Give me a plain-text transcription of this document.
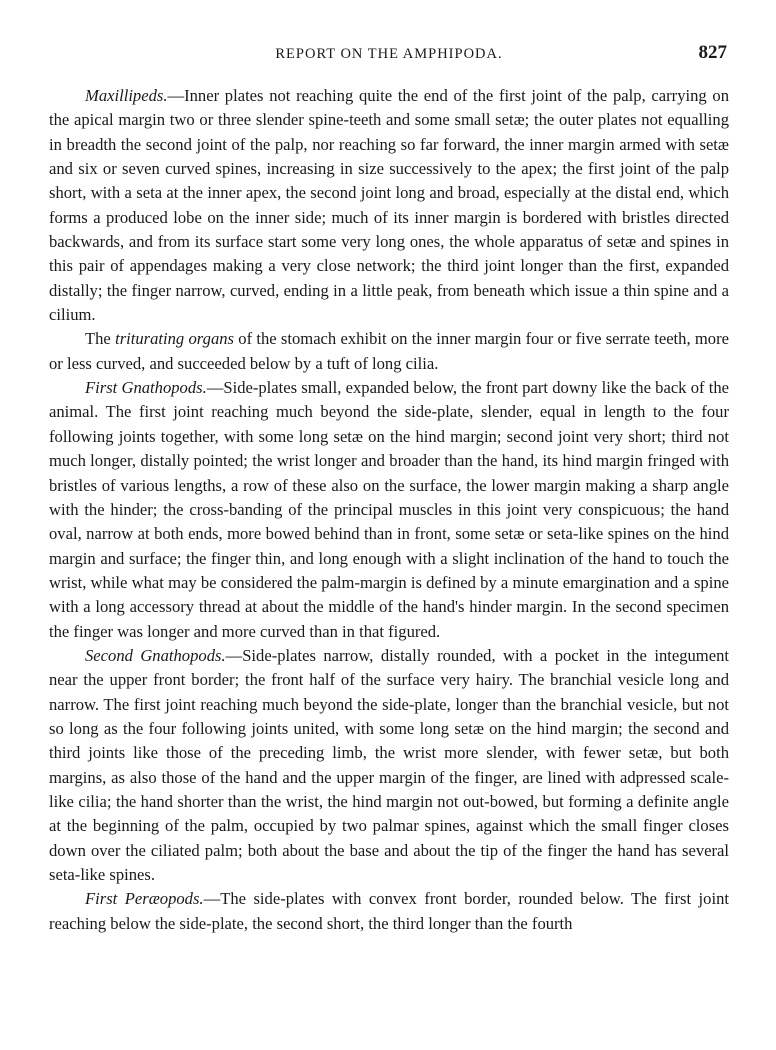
REPORT ON THE AMPHIPODA.	827

Maxillipeds.—Inner plates not reaching quite the end of the first joint of the palp, carrying on the apical margin two or three slender spine-teeth and some small setæ; the outer plates not equalling in breadth the second joint of the palp, nor reaching so far forward, the inner margin armed with setæ and six or seven curved spines, increasing in size successively to the apex; the first joint of the palp short, with a seta at the inner apex, the second joint long and broad, especially at the distal end, which forms a produced lobe on the inner side; much of its inner margin is bordered with bristles directed backwards, and from its surface start some very long ones, the whole apparatus of setæ and spines in this pair of appendages making a very close network; the third joint longer than the first, expanded distally; the finger narrow, curved, ending in a little peak, from beneath which issue a thin spine and a cilium.

The triturating organs of the stomach exhibit on the inner margin four or five serrate teeth, more or less curved, and succeeded below by a tuft of long cilia.

First Gnathopods.—Side-plates small, expanded below, the front part downy like the back of the animal. The first joint reaching much beyond the side-plate, slender, equal in length to the four following joints together, with some long setæ on the hind margin; second joint very short; third not much longer, distally pointed; the wrist longer and broader than the hand, its hind margin fringed with bristles of various lengths, a row of these also on the surface, the lower margin making a sharp angle with the hinder; the cross-banding of the principal muscles in this joint very conspicuous; the hand oval, narrow at both ends, more bowed behind than in front, some setæ or seta-like spines on the hind margin and surface; the finger thin, and long enough with a slight inclination of the hand to touch the wrist, while what may be considered the palm-margin is defined by a minute emargination and a spine with a long accessory thread at about the middle of the hand's hinder margin. In the second specimen the finger was longer and more curved than in that figured.

Second Gnathopods.—Side-plates narrow, distally rounded, with a pocket in the integument near the upper front border; the front half of the surface very hairy. The branchial vesicle long and narrow. The first joint reaching much beyond the side-plate, longer than the branchial vesicle, but not so long as the four following joints united, with some long setæ on the hind margin; the second and third joints like those of the preceding limb, the wrist more slender, with fewer setæ, but both margins, as also those of the hand and the upper margin of the finger, are lined with adpressed scale-like cilia; the hand shorter than the wrist, the hind margin not out-bowed, but forming a definite angle at the beginning of the palm, occupied by two palmar spines, against which the small finger closes down over the ciliated palm; both about the base and about the tip of the finger the hand has several seta-like spines.

First Peræopods.—The side-plates with convex front border, rounded below. The first joint reaching below the side-plate, the second short, the third longer than the fourth
